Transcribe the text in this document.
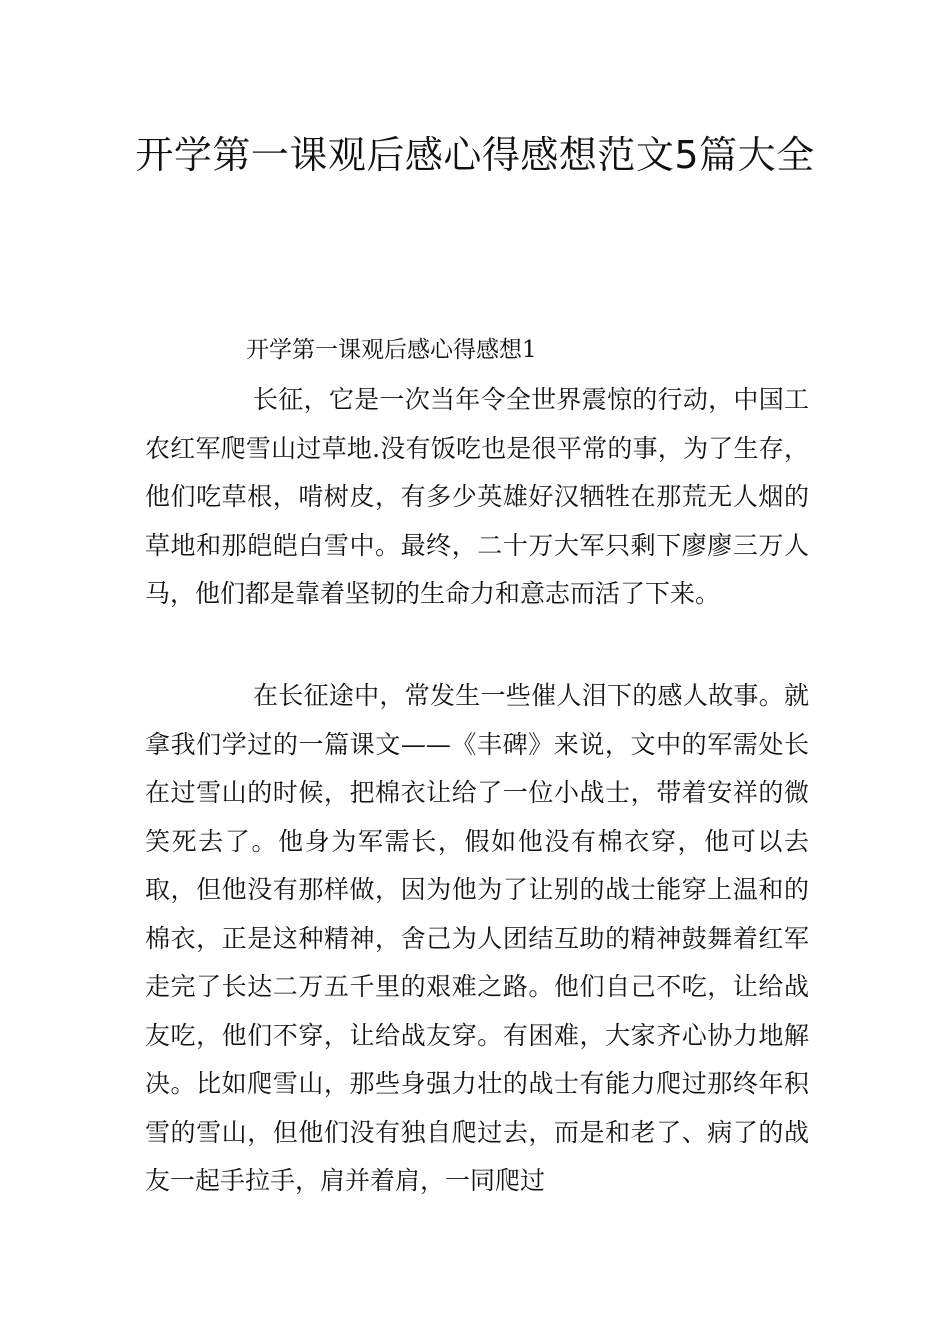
开学第一课观后感心得感想范文5篇大全
开学第一课观后感心得感想1

长征，它是一次当年令全世界震惊的行动，中国工农红军爬雪山过草地.没有饭吃也是很平常的事，为了生存，他们吃草根，啃树皮，有多少英雄好汉牺牲在那荒无人烟的草地和那皑皑白雪中。最终，二十万大军只剩下廖廖三万人马，他们都是靠着坚韧的生命力和意志而活了下来。

在长征途中，常发生一些催人泪下的感人故事。就拿我们学过的一篇课文——《丰碑》来说，文中的军需处长在过雪山的时候，把棉衣让给了一位小战士，带着安祥的微笑死去了。他身为军需长，假如他没有棉衣穿，他可以去取，但他没有那样做，因为他为了让别的战士能穿上温和的棉衣，正是这种精神，舍己为人团结互助的精神鼓舞着红军走完了长达二万五千里的艰难之路。他们自己不吃，让给战友吃，他们不穿，让给战友穿。有困难，大家齐心协力地解决。比如爬雪山，那些身强力壮的战士有能力爬过那终年积雪的雪山，但他们没有独自爬过去，而是和老了、病了的战友一起手拉手，肩并着肩，一同爬过
